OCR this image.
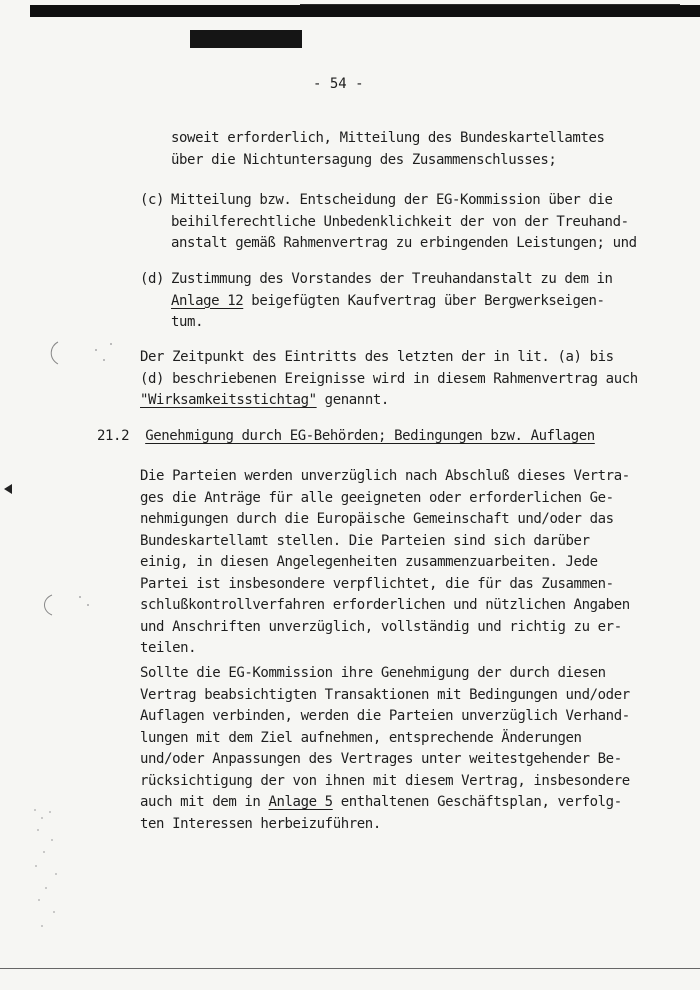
- 54 -
soweit erforderlich, Mitteilung des Bundeskartellamtes
über die Nichtuntersagung des Zusammenschlusses;
(c) Mitteilung bzw. Entscheidung der EG-Kommission über die
beihilferechtliche Unbedenklichkeit der von der Treuhand-
anstalt gemäß Rahmenvertrag zu erbingenden Leistungen; und
(d) Zustimmung des Vorstandes der Treuhandanstalt zu dem in
Anlage 12 beigefügten Kaufvertrag über Bergwerkseigen-
tum.
Der Zeitpunkt des Eintritts des letzten der in lit. (a) bis
(d) beschriebenen Ereignisse wird in diesem Rahmenvertrag auch
"Wirksamkeitsstichtag" genannt.
21.2 Genehmigung durch EG-Behörden; Bedingungen bzw. Auflagen
Die Parteien werden unverzüglich nach Abschluß dieses Vertra-
ges die Anträge für alle geeigneten oder erforderlichen Ge-
nehmigungen durch die Europäische Gemeinschaft und/oder das
Bundeskartellamt stellen. Die Parteien sind sich darüber
einig, in diesen Angelegenheiten zusammenzuarbeiten. Jede
Partei ist insbesondere verpflichtet, die für das Zusammen-
schlußkontrollverfahren erforderlichen und nützlichen Angaben
und Anschriften unverzüglich, vollständig und richtig zu er-
teilen.
Sollte die EG-Kommission ihre Genehmigung der durch diesen
Vertrag beabsichtigten Transaktionen mit Bedingungen und/oder
Auflagen verbinden, werden die Parteien unverzüglich Verhand-
lungen mit dem Ziel aufnehmen, entsprechende Änderungen
und/oder Anpassungen des Vertrages unter weitestgehender Be-
rücksichtigung der von ihnen mit diesem Vertrag, insbesondere
auch mit dem in Anlage 5 enthaltenen Geschäftsplan, verfolg-
ten Interessen herbeizuführen.
